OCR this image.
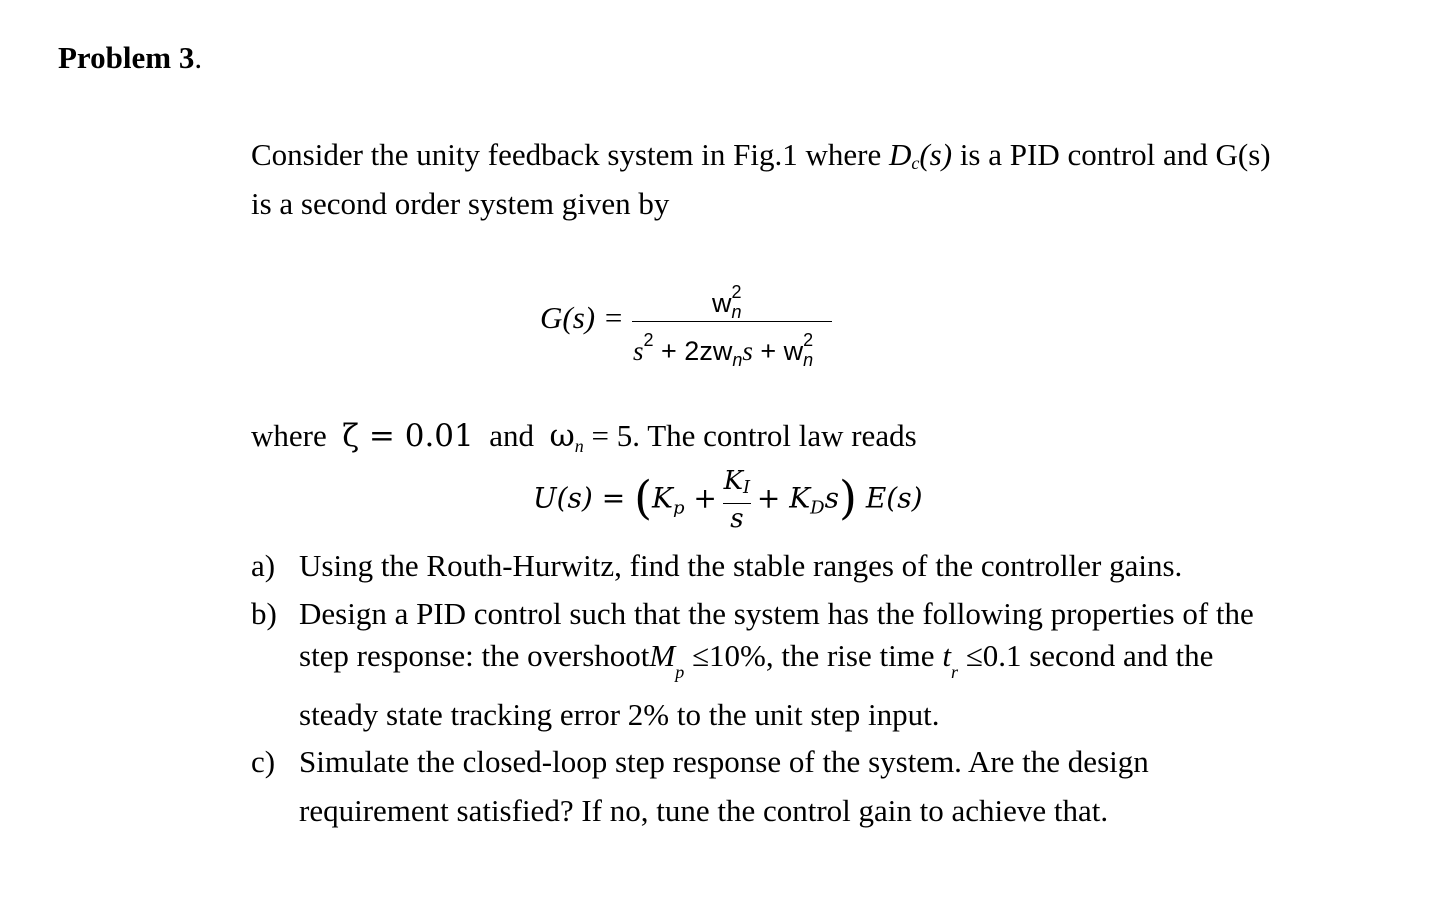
Problem 3.
Consider the unity feedback system in Fig.1 where $D_c(s)$ is a PID control and G(s)
is a second order system given by
G(s) =	$w^2_n$
$s^2 + 2zw_ns + w^2_n$
where ζ = 0.01 and $\omega_n = 5$. The control law reads
$U(s) = (K_p + \frac{K_I}{s} + K_Ds)$ E(s)
a) Using the Routh-Hurwitz, find the stable ranges of the controller gains.
b) Design a PID control such that the system has the following properties of the
step response: the overshootM$_p$ ≤10%, the rise time $t_r \le 0.1$ second and the
steady state tracking error 2% to the unit step input.
c) Simulate the closed-loop step response of the system. Are the design
requirement satisfied? If no, tune the control gain to achieve that.
